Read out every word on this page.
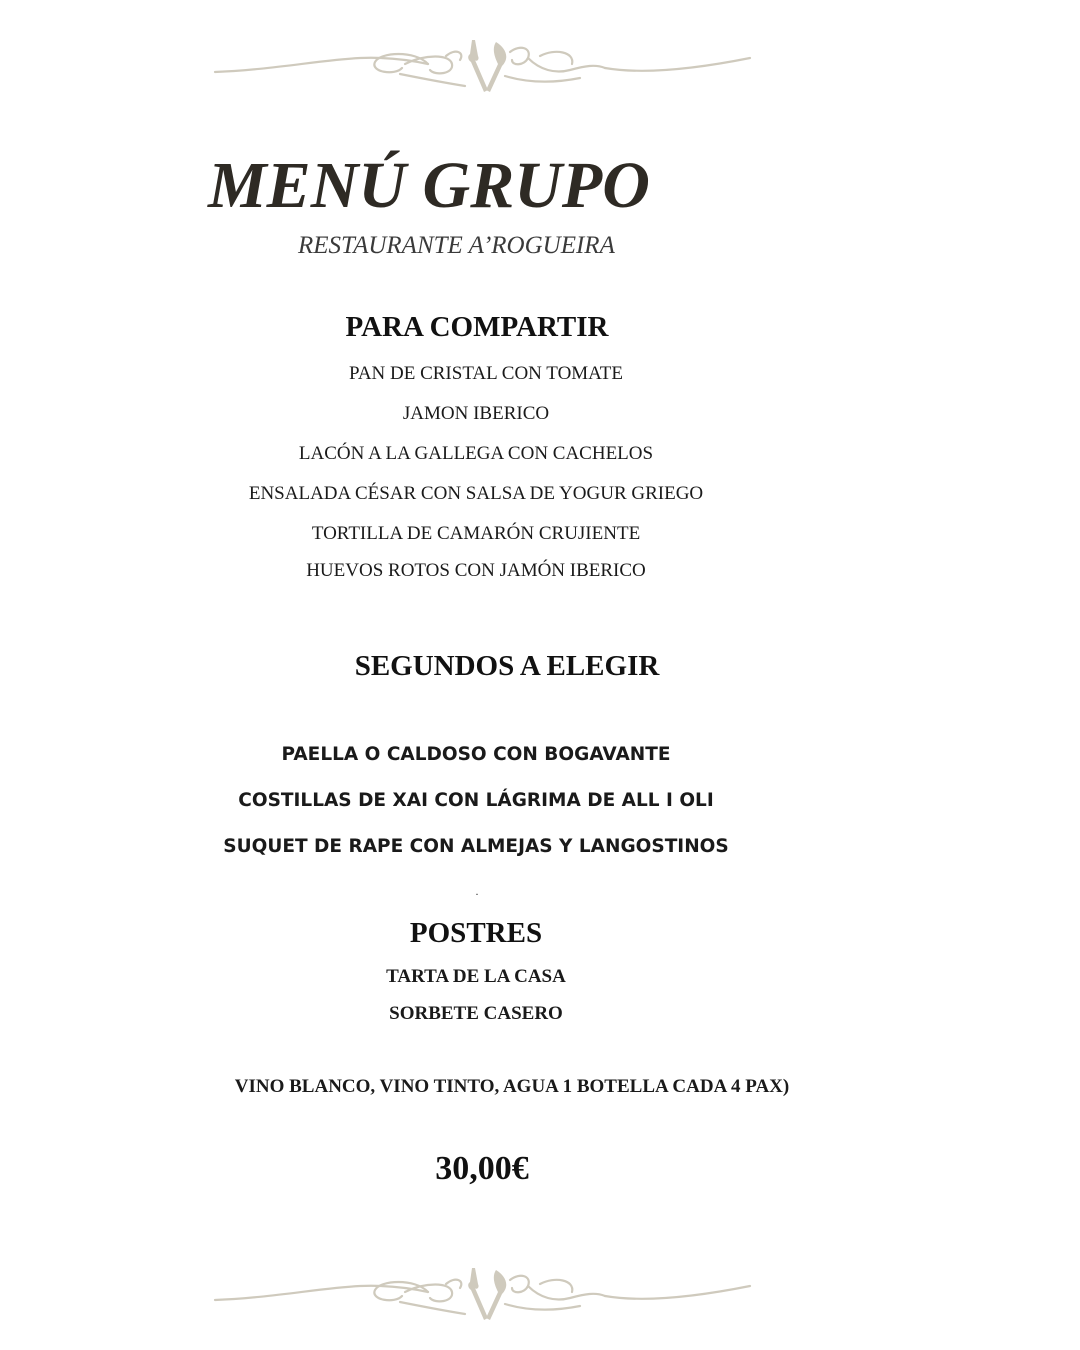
MENÚ GRUPO
RESTAURANTE A’ROGUEIRA
PARA COMPARTIR
PAN DE CRISTAL CON TOMATE
JAMON IBERICO
LACÓN A LA GALLEGA CON CACHELOS
ENSALADA CÉSAR CON SALSA DE YOGUR GRIEGO
TORTILLA DE CAMARÓN CRUJIENTE
HUEVOS ROTOS CON JAMÓN IBERICO
SEGUNDOS A ELEGIR
PAELLA O CALDOSO CON BOGAVANTE
COSTILLAS DE XAI CON LÁGRIMA DE ALL I OLI
SUQUET DE RAPE CON ALMEJAS Y LANGOSTINOS
.
POSTRES
TARTA DE LA CASA
SORBETE CASERO
VINO BLANCO, VINO TINTO, AGUA 1 BOTELLA CADA 4 PAX)
30,00€
